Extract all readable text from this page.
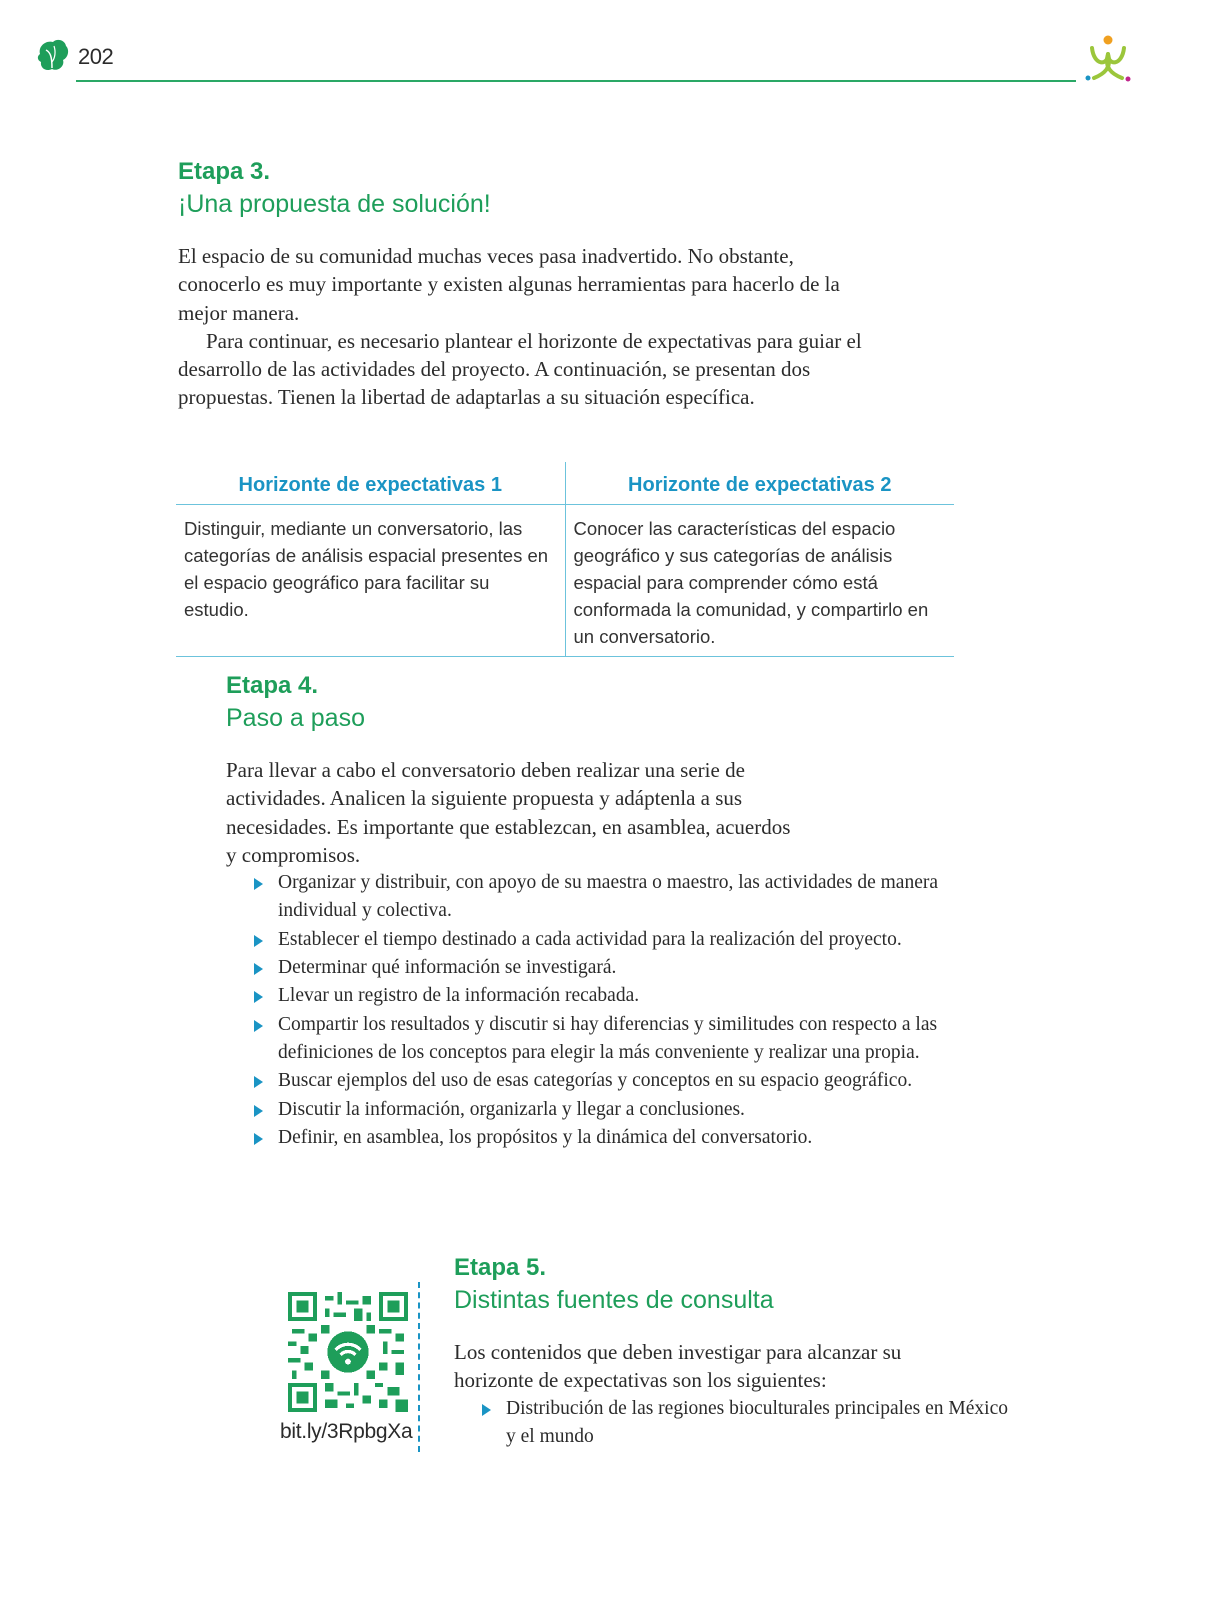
202
Etapa 3.
¡Una propuesta de solución!

El espacio de su comunidad muchas veces pasa inadvertido. No obstante, conocerlo es muy importante y existen algunas herramientas para hacerlo de la mejor manera.

Para continuar, es necesario plantear el horizonte de expectativas para guiar el desarrollo de las actividades del proyecto. A continuación, se presentan dos propuestas. Tienen la libertad de adaptarlas a su situación específica.

Horizonte de expectativas 1	Horizonte de expectativas 2
Distinguir, mediante un conversatorio, las categorías de análisis espacial presentes en el espacio geográfico para facilitar su estudio.	Conocer las características del espacio geográfico y sus categorías de análisis espacial para comprender cómo está conformada la comunidad, y compartirlo en un conversatorio.
Etapa 4.
Paso a paso

Para llevar a cabo el conversatorio deben realizar una serie de actividades. Analicen la siguiente propuesta y adáptenla a sus necesidades. Es importante que establezcan, en asamblea, acuerdos y compromisos.

Organizar y distribuir, con apoyo de su maestra o maestro, las actividades de manera individual y colectiva.
Establecer el tiempo destinado a cada actividad para la realización del proyecto.
Determinar qué información se investigará.
Llevar un registro de la información recabada.
Compartir los resultados y discutir si hay diferencias y similitudes con respecto a las definiciones de los conceptos para elegir la más conveniente y realizar una propia.
Buscar ejemplos del uso de esas categorías y conceptos en su espacio geográfico.
Discutir la información, organizarla y llegar a conclusiones.
Definir, en asamblea, los propósitos y la dinámica del conversatorio.
bit.ly/3RpbgXa
Etapa 5.
Distintas fuentes de consulta

Los contenidos que deben investigar para alcanzar su horizonte de expectativas son los siguientes:

Distribución de las regiones bioculturales principales en México y el mundo
